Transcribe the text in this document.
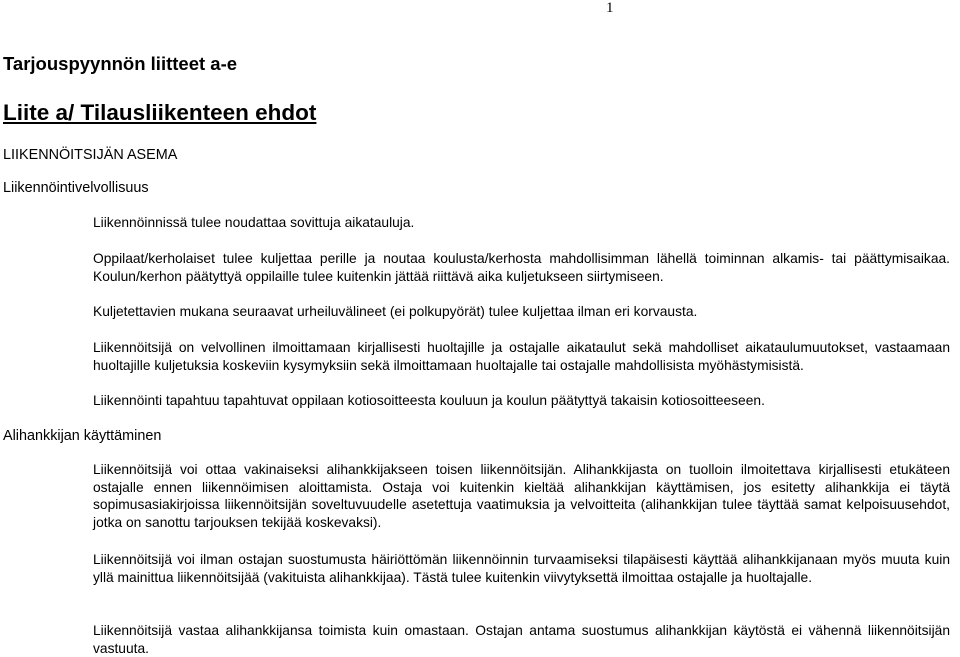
1
Tarjouspyynnön liitteet a-e
Liite a/ Tilausliikenteen ehdot
LIIKENNÖITSIJÄN ASEMA
Liikennöintivelvollisuus

Liikennöinnissä tulee noudattaa sovittuja aikatauluja.

Oppilaat/kerholaiset tulee kuljettaa perille ja noutaa koulusta/kerhosta mahdollisimman lähellä toiminnan alkamis- tai päättymisaikaa. Koulun/kerhon päätyttyä oppilaille tulee kuitenkin jättää riittävä aika kuljetukseen siirtymiseen.

Kuljetettavien mukana seuraavat urheiluvälineet (ei polkupyörät) tulee kuljettaa ilman eri korvausta.

Liikennöitsijä on velvollinen ilmoittamaan kirjallisesti huoltajille ja ostajalle aikataulut sekä mahdolliset aikataulumuutokset, vastaamaan huoltajille kuljetuksia koskeviin kysymyksiin sekä ilmoittamaan huoltajalle tai ostajalle mahdollisista myöhästymisistä.

Liikennöinti tapahtuu tapahtuvat oppilaan kotiosoitteesta kouluun ja koulun päätyttyä takaisin kotiosoitteeseen.

Alihankkijan käyttäminen

Liikennöitsijä voi ottaa vakinaiseksi alihankkijakseen toisen liikennöitsijän. Alihankkijasta on tuolloin ilmoitettava kirjallisesti etukäteen ostajalle ennen liikennöimisen aloittamista. Ostaja voi kuitenkin kieltää alihankkijan käyttämisen, jos esitetty alihankkija ei täytä sopimusasiakirjoissa liikennöitsijän soveltuvuudelle asetettuja vaatimuksia ja velvoitteita (alihankkijan tulee täyttää samat kelpoisuusehdot, jotka on sanottu tarjouksen tekijää koskevaksi).

Liikennöitsijä voi ilman ostajan suostumusta häiriöttömän liikennöinnin turvaamiseksi tilapäisesti käyttää alihankkijanaan myös muuta kuin yllä mainittua liikennöitsijää (vakituista alihankkijaa). Tästä tulee kuitenkin viivytyksettä ilmoittaa ostajalle ja huoltajalle.

Liikennöitsijä vastaa alihankkijansa toimista kuin omastaan. Ostajan antama suostumus alihankkijan käytöstä ei vähennä liikennöitsijän vastuuta.
